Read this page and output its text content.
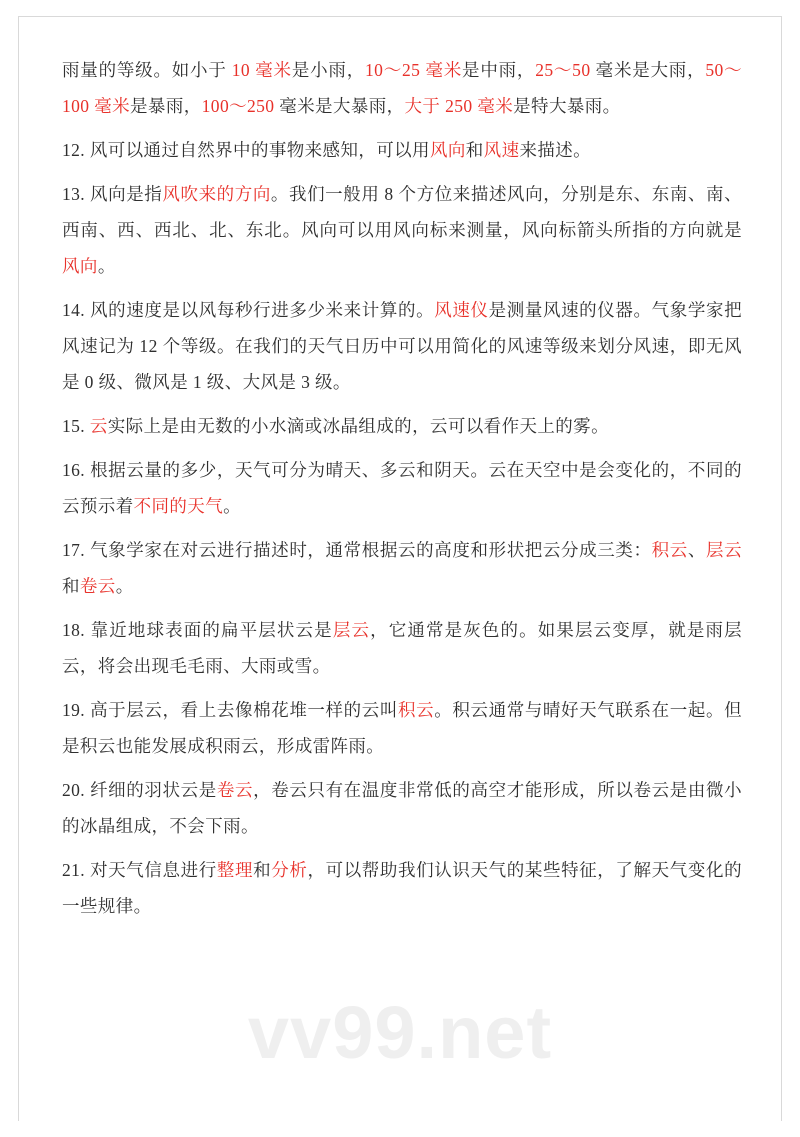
雨量的等级。如小于 10 毫米是小雨，10～25 毫米是中雨，25～50 毫米是大雨，50～100 毫米是暴雨，100～250 毫米是大暴雨，大于 250 毫米是特大暴雨。
12. 风可以通过自然界中的事物来感知，可以用风向和风速来描述。
13. 风向是指风吹来的方向。我们一般用 8 个方位来描述风向，分别是东、东南、南、西南、西、西北、北、东北。风向可以用风向标来测量，风向标箭头所指的方向就是风向。
14. 风的速度是以风每秒行进多少米来计算的。风速仪是测量风速的仪器。气象学家把风速记为 12 个等级。在我们的天气日历中可以用简化的风速等级来划分风速，即无风是 0 级、微风是 1 级、大风是 3 级。
15. 云实际上是由无数的小水滴或冰晶组成的，云可以看作天上的雾。
16. 根据云量的多少，天气可分为晴天、多云和阴天。云在天空中是会变化的，不同的云预示着不同的天气。
17. 气象学家在对云进行描述时，通常根据云的高度和形状把云分成三类：积云、层云和卷云。
18. 靠近地球表面的扁平层状云是层云，它通常是灰色的。如果层云变厚，就是雨层云，将会出现毛毛雨、大雨或雪。
19. 高于层云，看上去像棉花堆一样的云叫积云。积云通常与晴好天气联系在一起。但是积云也能发展成积雨云，形成雷阵雨。
20. 纤细的羽状云是卷云，卷云只有在温度非常低的高空才能形成，所以卷云是由微小的冰晶组成，不会下雨。
21. 对天气信息进行整理和分析，可以帮助我们认识天气的某些特征，了解天气变化的一些规律。
vv99.net
